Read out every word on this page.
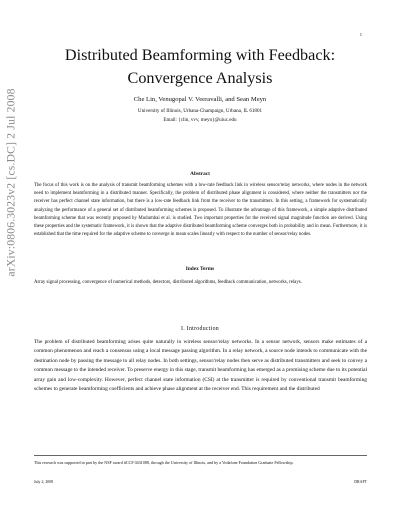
1
arXiv:0806.3023v2 [cs.DC] 2 Jul 2008
Distributed Beamforming with Feedback:
Convergence Analysis
Che Lin, Venugopal V. Veeravalli, and Sean Meyn
University of Illinois, Urbana-Champaign, Urbana, IL 61801
Email: {clin, vvv, meyn}@uiuc.edu
Abstract

The focus of this work is on the analysis of transmit beamforming schemes with a low-rate feedback link in wireless sensor/relay networks, where nodes in the network need to implement beamforming in a distributed manner. Specifically, the problem of distributed phase alignment is considered, where neither the transmitters nor the receiver has perfect channel state information, but there is a low-rate feedback link from the receiver to the transmitters. In this setting, a framework for systematically analyzing the performance of a general set of distributed beamforming schemes is proposed. To illustrate the advantage of this framework, a simple adaptive distributed beamforming scheme that was recently proposed by Mudumbai et al. is studied. Two important properties for the received signal magnitude function are derived. Using these properties and the systematic framework, it is shown that the adaptive distributed beamforming scheme converges both in probability and in mean. Furthermore, it is established that the time required for the adaptive scheme to converge in mean scales linearly with respect to the number of sensor/relay nodes.

Index Terms

Array signal processing, convergence of numerical methods, detectors, distributed algorithms, feedback communication, networks, relays.

I. Introduction

The problem of distributed beamforming arises quite naturally in wireless sensor/relay networks. In a sensor network, sensors make estimates of a common phenomenon and reach a consensus using a local message passing algorithm. In a relay network, a source node intends to communicate with the destination node by passing the message to all relay nodes. In both settings, sensor/relay nodes then serve as distributed transmitters and seek to convey a common message to the intended receiver. To preserve energy in this stage, transmit beamforming has emerged as a promising scheme due to its potential array gain and low-complexity. However, perfect channel state information (CSI) at the transmitter is required by conventional transmit beamforming schemes to generate beamforming coefficients and achieve phase alignment at the receiver end. This requirement and the distributed

This research was supported in part by the NSF award #CCF 0431088, through the University of Illinois, and by a Vodafone Foundation Graduate Fellowship.

July 2, 2008	DRAFT
